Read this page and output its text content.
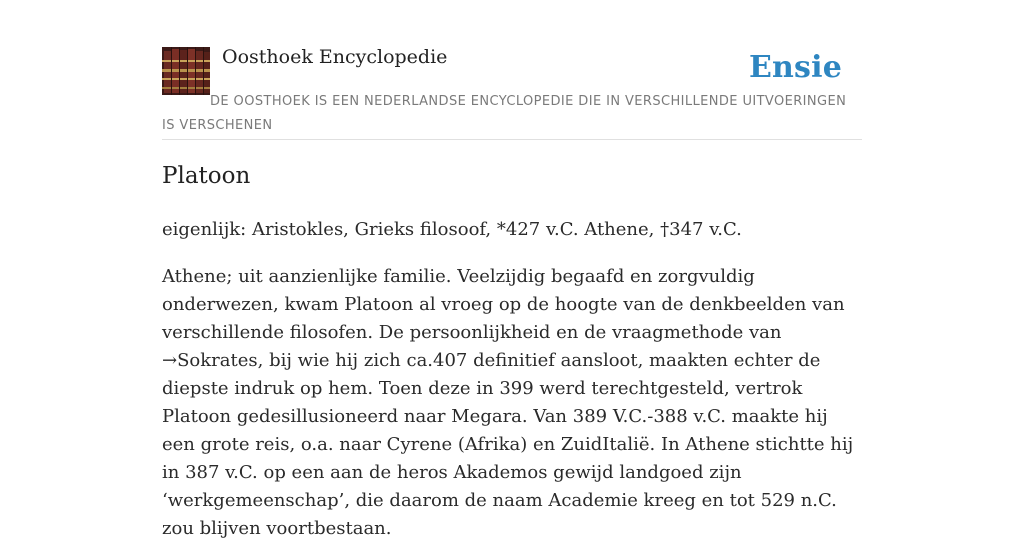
Oosthoek Encyclopedie	Ensie
DE OOSTHOEK IS EEN NEDERLANDSE ENCYCLOPEDIE DIE IN VERSCHILLENDE UITVOERINGEN IS VERSCHENEN
Platoon

eigenlijk: Aristokles, Grieks filosoof, *427 v.C. Athene, †347 v.C.

Athene; uit aanzienlijke familie. Veelzijdig begaafd en zorgvuldig onderwezen, kwam Platoon al vroeg op de hoogte van de denkbeelden van verschillende filosofen. De persoonlijkheid en de vraagmethode van →Sokrates, bij wie hij zich ca.407 definitief aansloot, maakten echter de diepste indruk op hem. Toen deze in 399 werd terechtgesteld, vertrok Platoon gedesillusioneerd naar Megara. Van 389 V.C.-388 v.C. maakte hij een grote reis, o.a. naar Cyrene (Afrika) en ZuidItalië. In Athene stichtte hij in 387 v.C. op een aan de heros Akademos gewijd landgoed zijn ‘werkgemeenschap’, die daarom de naam Academie kreeg en tot 529 n.C. zou blijven voortbestaan.
